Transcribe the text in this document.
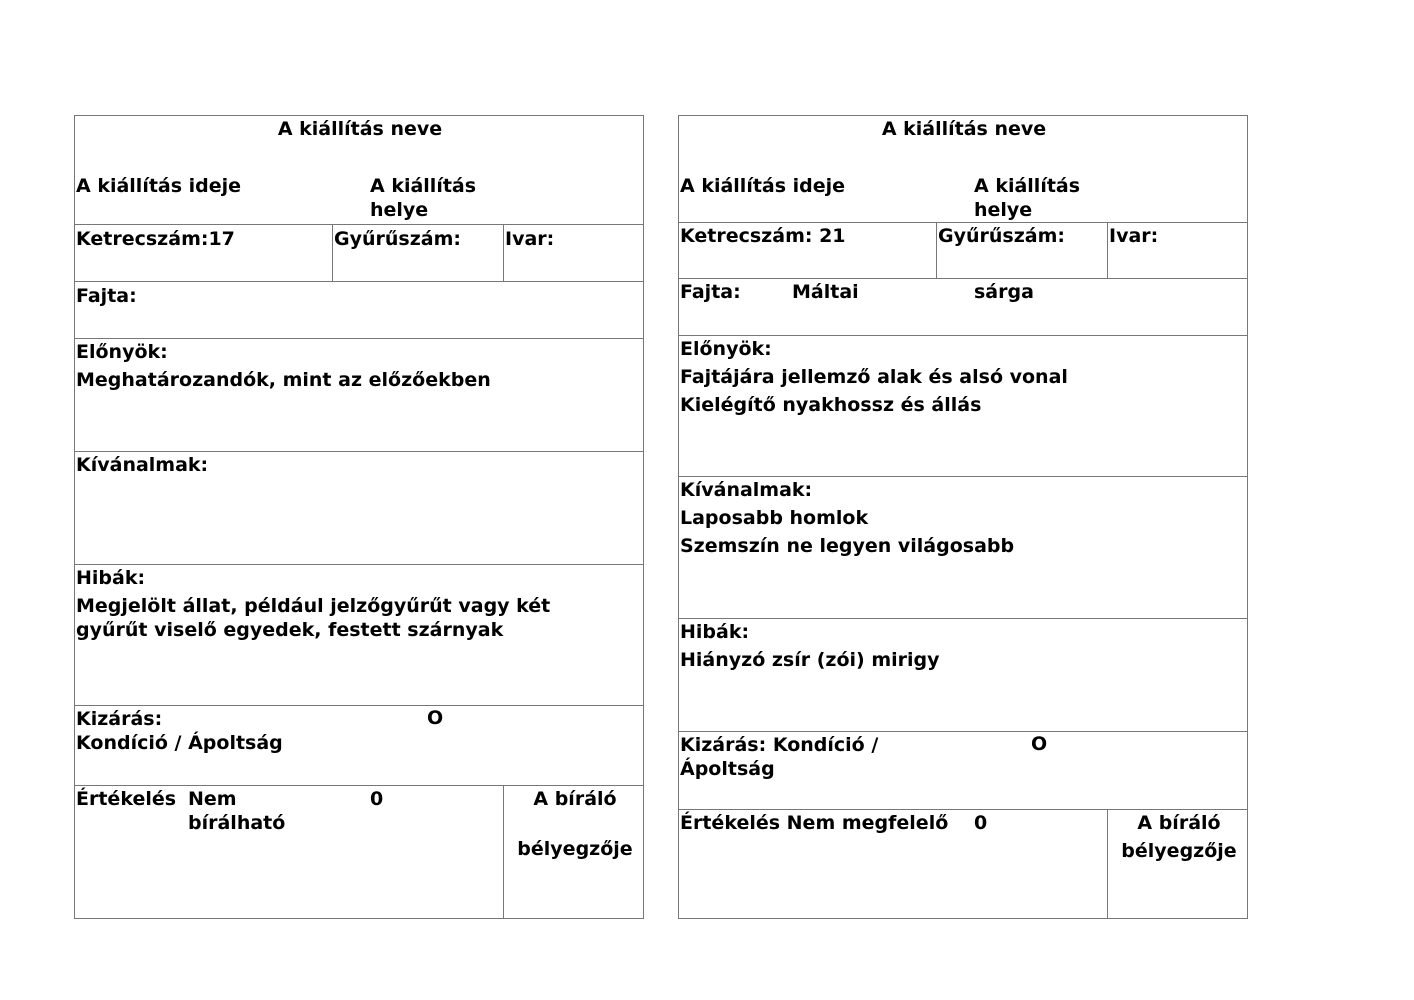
A kiállítás neve
A kiállítás ideje	A kiállítás
helye
Ketrecszám:17	Gyűrűszám: Ivar:
Fajta:
Előnyök:
Meghatározandók, mint az előzőekben
Kívánalmak:
Hibák:
Megjelölt állat, például jelzőgyűrűt vagy két
gyűrűt viselő egyedek, festett szárnyak
Kizárás:	O
Kondíció / Ápoltság
Értékelés Nem
bírálható
0	A bíráló
bélyegzője
A kiállítás neve
A kiállítás ideje	A kiállítás
helye
Ketrecszám: 21	Gyűrűszám: Ivar:
Fajta:	Máltai	sárga
Előnyök:
Fajtájára jellemző alak és alsó vonal
Kielégítő nyakhossz és állás
Kívánalmak:
Laposabb homlok
Szemszín ne legyen világosabb
Hibák:
Hiányzó zsír (zói) mirigy
Kizárás: Kondíció /
Ápoltság
O
Értékelés Nem megfelelő 0	A bíráló
bélyegzője
